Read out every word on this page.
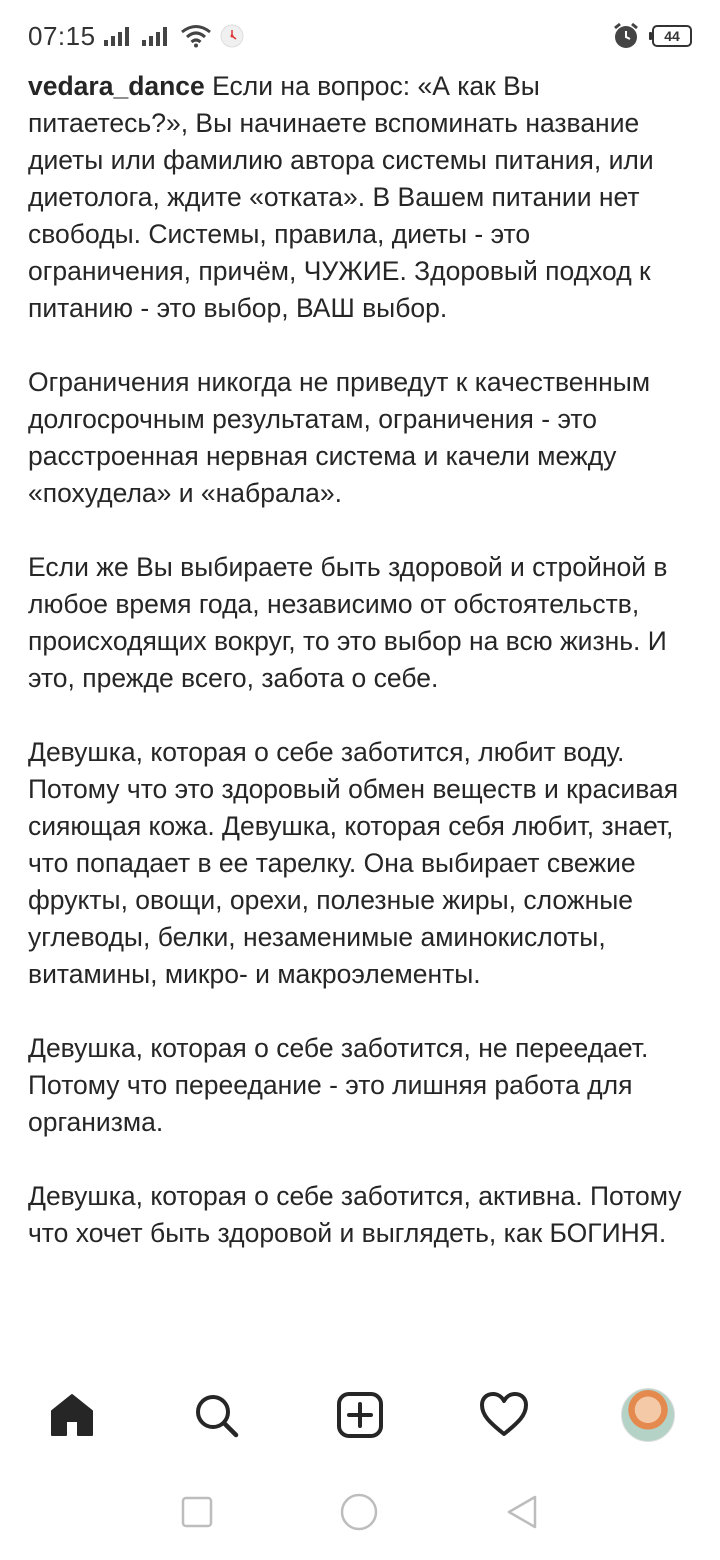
07:15	44

vedara_dance Если на вопрос: «А как Вы питаетесь?», Вы начинаете вспоминать название диеты или фамилию автора системы питания, или диетолога, ждите «отката». В Вашем питании нет свободы. Системы, правила, диеты - это ограничения, причём, ЧУЖИЕ. Здоровый подход к питанию - это выбор, ВАШ выбор.

Ограничения никогда не приведут к качественным долгосрочным результатам, ограничения - это расстроенная нервная система и качели между «похудела» и «набрала».

Если же Вы выбираете быть здоровой и стройной в любое время года, независимо от обстоятельств, происходящих вокруг, то это выбор на всю жизнь. И это, прежде всего, забота о себе.

Девушка, которая о себе заботится, любит воду. Потому что это здоровый обмен веществ и красивая сияющая кожа. Девушка, которая себя любит, знает, что попадает в ее тарелку. Она выбирает свежие фрукты, овощи, орехи, полезные жиры, сложные углеводы, белки, незаменимые аминокислоты, витамины, микро- и макроэлементы.

Девушка, которая о себе заботится, не переедает. Потому что переедание - это лишняя работа для организма.

Девушка, которая о себе заботится, активна. Потому что хочет быть здоровой и выглядеть, как БОГИНЯ.
